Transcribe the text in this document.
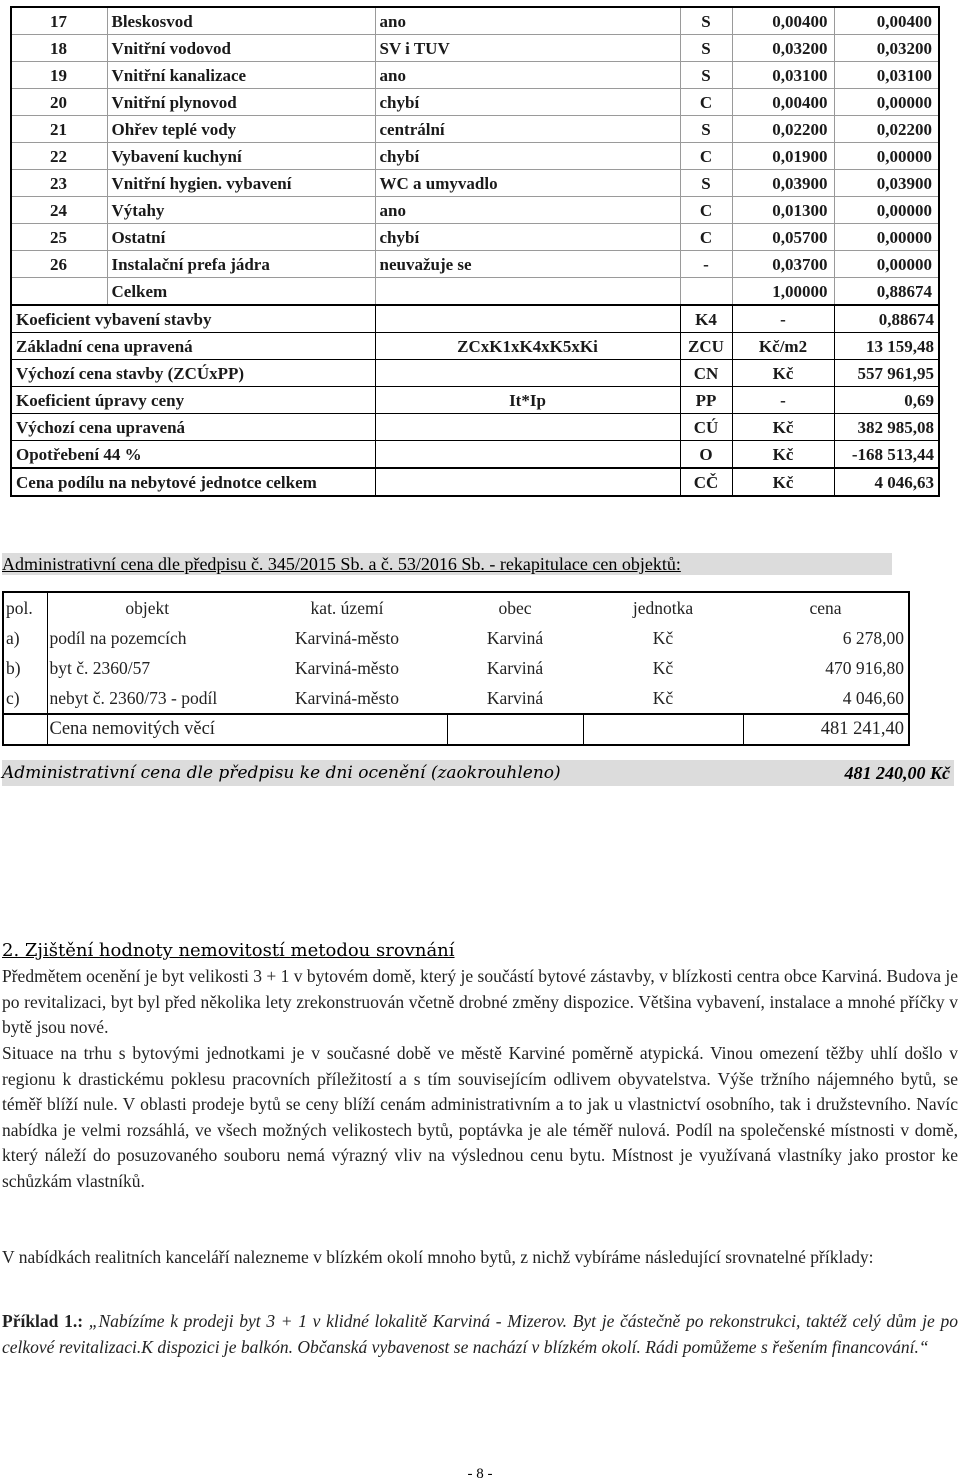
17	Bleskosvod	ano	S	0,00400	0,00400
18	Vnitřní vodovod	SV i TUV	S	0,03200	0,03200
19	Vnitřní kanalizace	ano	S	0,03100	0,03100
20	Vnitřní plynovod	chybí	C	0,00400	0,00000
21	Ohřev teplé vody	centrální	S	0,02200	0,02200
22	Vybavení kuchyní	chybí	C	0,01900	0,00000
23	Vnitřní hygien. vybavení	WC a umyvadlo	S	0,03900	0,03900
24	Výtahy	ano	C	0,01300	0,00000
25	Ostatní	chybí	C	0,05700	0,00000
26	Instalační prefa jádra	neuvažuje se	-	0,03700	0,00000
	Celkem			1,00000	0,88674
Koeficient vybavení stavby			K4	-	0,88674
Základní cena upravená		ZCxK1xK4xK5xKi	ZCU	Kč/m2	13 159,48
Výchozí cena stavby (ZCÚxPP)			CN	Kč	557 961,95
Koeficient úpravy ceny		It*Ip	PP	-	0,69
Výchozí cena upravená			CÚ	Kč	382 985,08
Opotřebení 44 %			O	Kč	-168 513,44
Cena podílu na nebytové jednotce celkem			CČ	Kč	4 046,63
Administrativní cena dle předpisu č. 345/2015 Sb. a č. 53/2016 Sb. - rekapitulace cen objektů:
pol.	objekt	kat. území	obec	jednotka	cena
a)	podíl na pozemcích	Karviná-město	Karviná	Kč	6 278,00
b)	byt č. 2360/57	Karviná-město	Karviná	Kč	470 916,80
c)	nebyt č. 2360/73 - podíl	Karviná-město	Karviná	Kč	4 046,60
	Cena nemovitých věcí				481 241,40
Administrativní cena dle předpisu ke dni ocenění (zaokrouhleno)	481 240,00 Kč
2. Zjištění hodnoty nemovitostí metodou srovnání
Předmětem ocenění je byt velikosti 3 + 1 v bytovém domě, který je součástí bytové zástavby, v blízkosti centra obce Karviná. Budova je po revitalizaci, byt byl před několika lety zrekonstruován včetně drobné změny dispozice. Většina vybavení, instalace a mnohé příčky v bytě jsou nové.
Situace na trhu s bytovými jednotkami je v současné době ve městě Karviné poměrně atypická. Vinou omezení těžby uhlí došlo v regionu k drastickému poklesu pracovních příležitostí a s tím souvisejícím odlivem obyvatelstva. Výše tržního nájemného bytů, se téměř blíží nule. V oblasti prodeje bytů se ceny blíží cenám administrativním a to jak u vlastnictví osobního, tak i družstevního. Navíc nabídka je velmi rozsáhlá, ve všech možných velikostech bytů, poptávka je ale téměř nulová. Podíl na společenské místnosti v domě, který náleží do posuzovaného souboru nemá výrazný vliv na výslednou cenu bytu. Místnost je využívaná vlastníky jako prostor ke schůzkám vlastníků.
V nabídkách realitních kanceláří nalezneme v blízkém okolí mnoho bytů, z nichž vybíráme následující srovnatelné příklady:
Příklad 1.: „Nabízíme k prodeji byt 3 + 1 v klidné lokalitě Karviná - Mizerov. Byt je částečně po rekonstrukci, taktéž celý dům je po celkové revitalizaci.K dispozici je balkón. Občanská vybavenost se nachází v blízkém okolí. Rádi pomůžeme s řešením financování.“
- 8 -
